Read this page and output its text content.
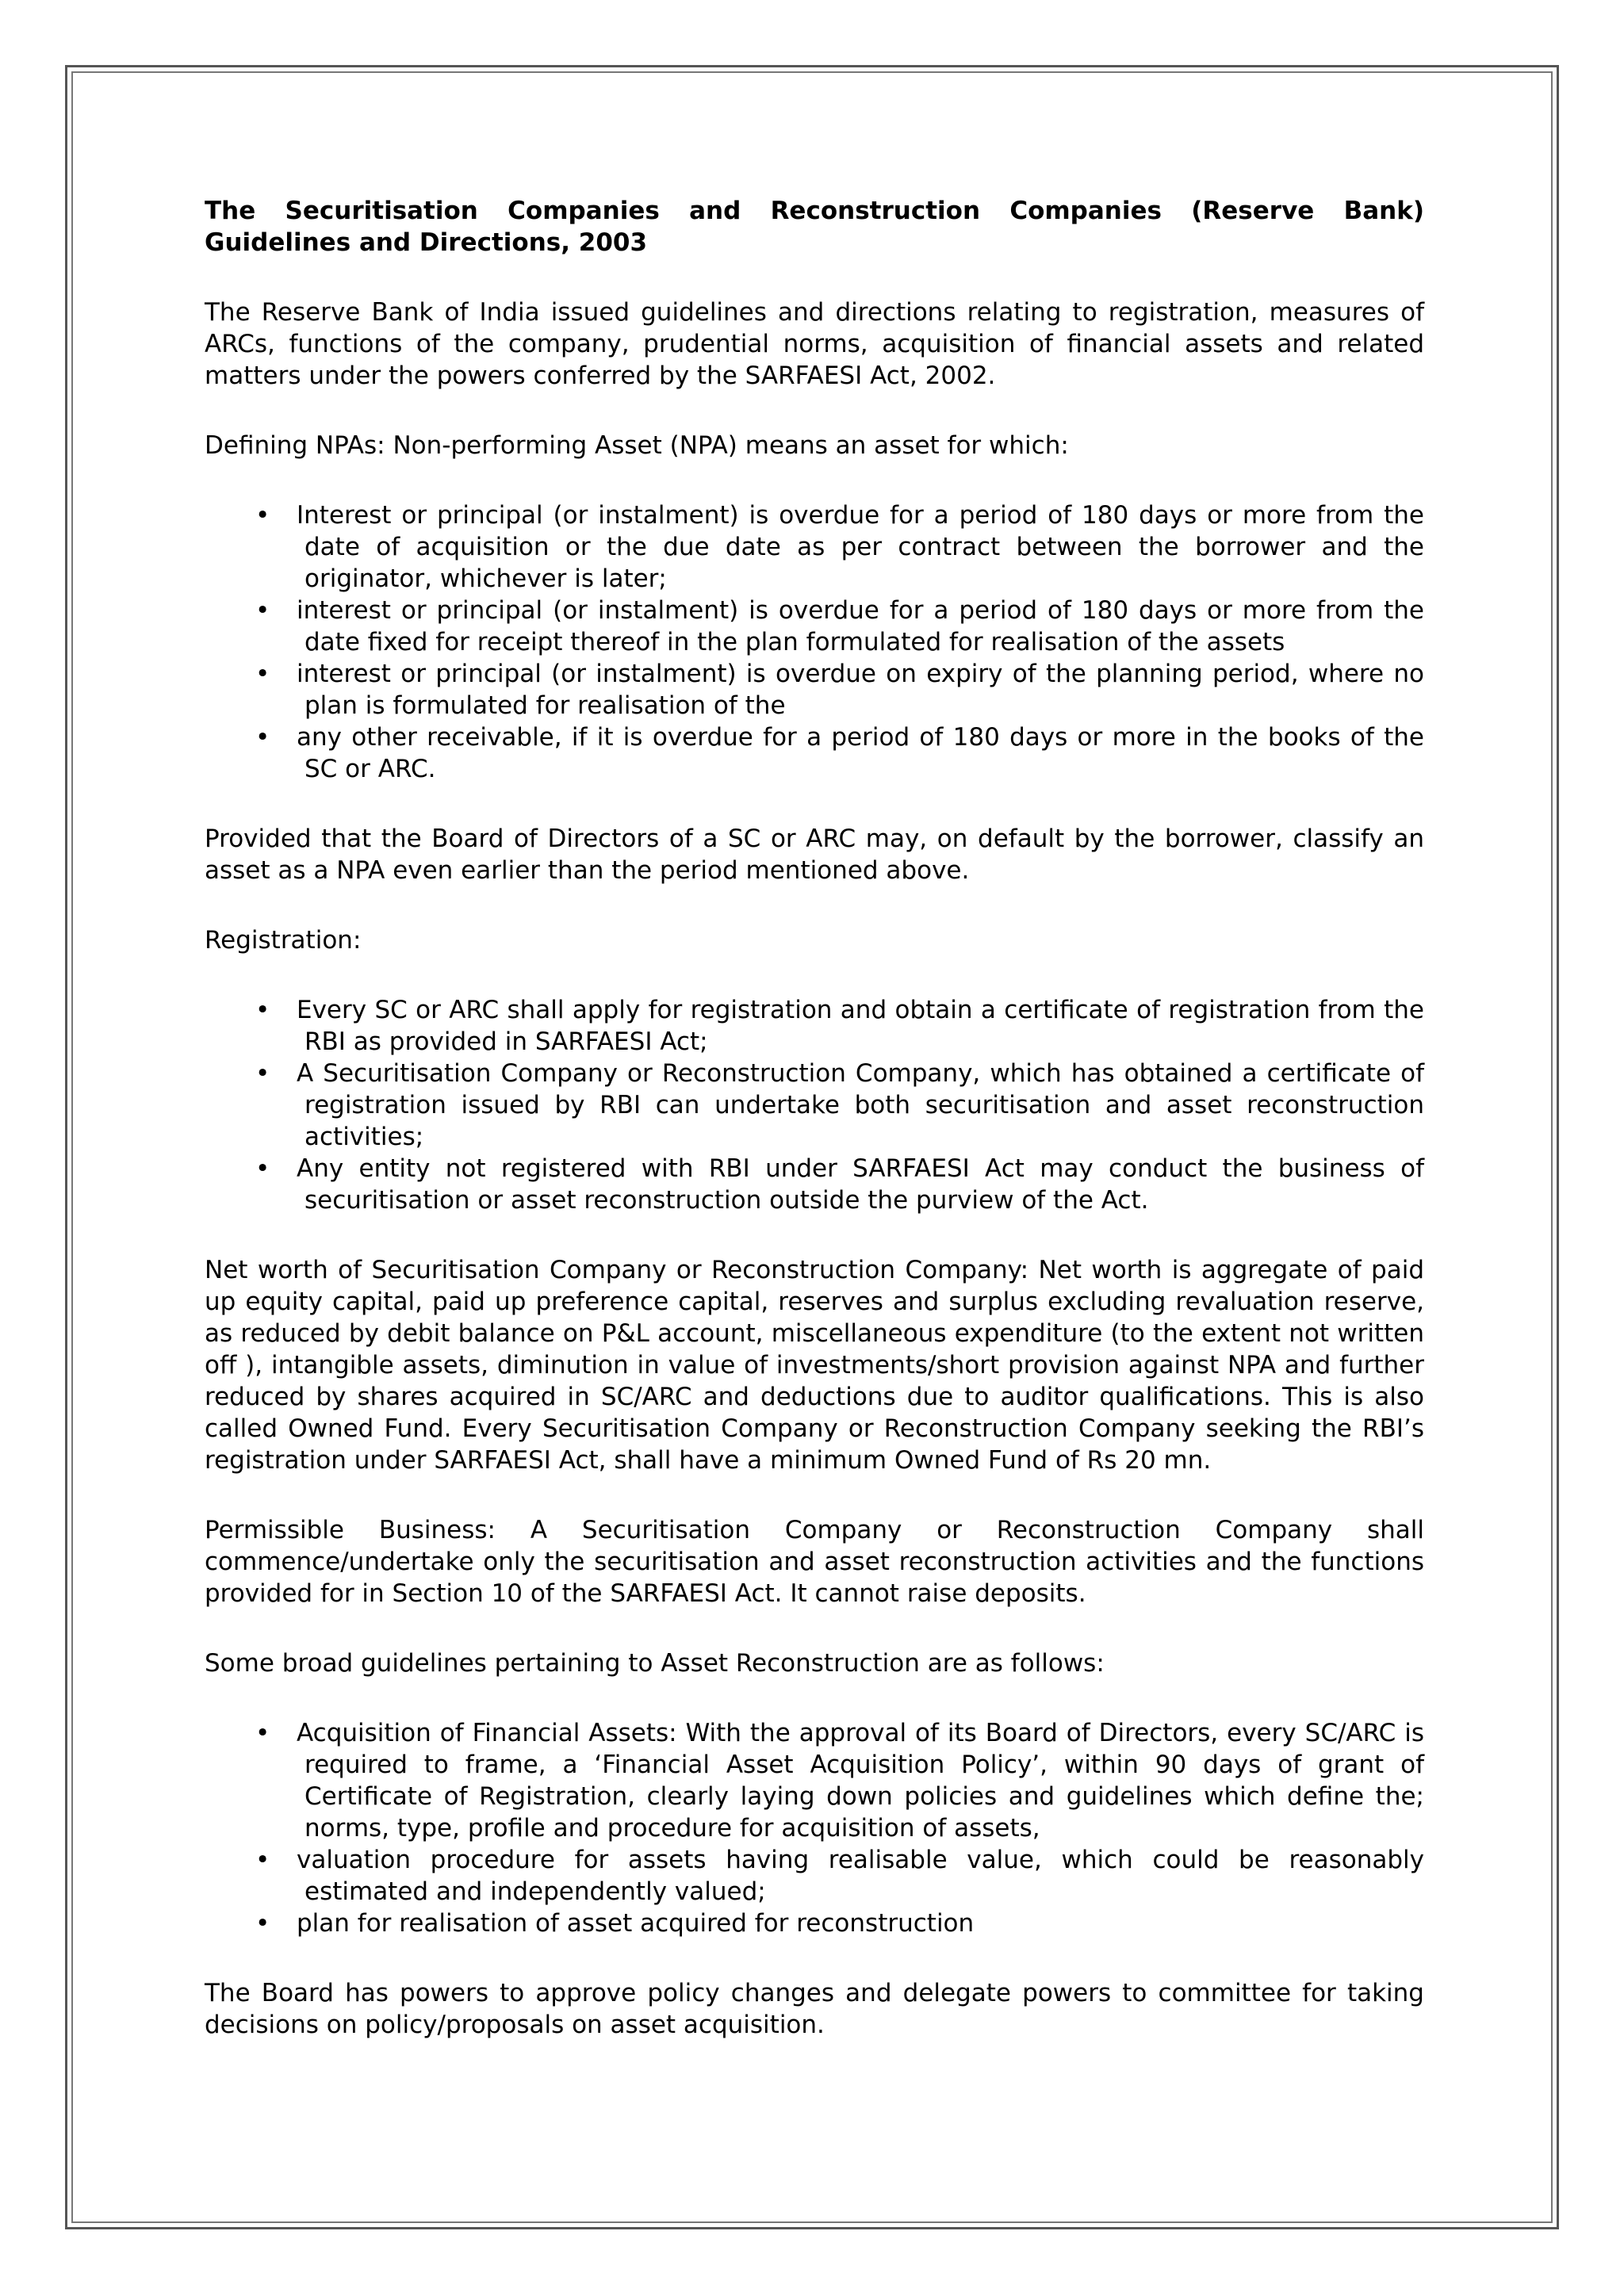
The Securitisation Companies and Reconstruction Companies (Reserve Bank) Guidelines and Directions, 2003

The Reserve Bank of India issued guidelines and directions relating to registration, measures of ARCs, functions of the company, prudential norms, acquisition of financial assets and related matters under the powers conferred by the SARFAESI Act, 2002.

Defining NPAs: Non-performing Asset (NPA) means an asset for which:

• Interest or principal (or instalment) is overdue for a period of 180 days or more from the date of acquisition or the due date as per contract between the borrower and the originator, whichever is later;
• interest or principal (or instalment) is overdue for a period of 180 days or more from the date fixed for receipt thereof in the plan formulated for realisation of the assets
• interest or principal (or instalment) is overdue on expiry of the planning period, where no plan is formulated for realisation of the
• any other receivable, if it is overdue for a period of 180 days or more in the books of the SC or ARC.

Provided that the Board of Directors of a SC or ARC may, on default by the borrower, classify an asset as a NPA even earlier than the period mentioned above.

Registration:

• Every SC or ARC shall apply for registration and obtain a certificate of registration from the RBI as provided in SARFAESI Act;
• A Securitisation Company or Reconstruction Company, which has obtained a certificate of registration issued by RBI can undertake both securitisation and asset reconstruction activities;
• Any entity not registered with RBI under SARFAESI Act may conduct the business of securitisation or asset reconstruction outside the purview of the Act.

Net worth of Securitisation Company or Reconstruction Company: Net worth is aggregate of paid up equity capital, paid up preference capital, reserves and surplus excluding revaluation reserve, as reduced by debit balance on P&L account, miscellaneous expenditure (to the extent not written off ), intangible assets, diminution in value of investments/short provision against NPA and further reduced by shares acquired in SC/ARC and deductions due to auditor qualifications. This is also called Owned Fund. Every Securitisation Company or Reconstruction Company seeking the RBI’s registration under SARFAESI Act, shall have a minimum Owned Fund of Rs 20 mn.

Permissible Business: A Securitisation Company or Reconstruction Company shall commence/undertake only the securitisation and asset reconstruction activities and the functions provided for in Section 10 of the SARFAESI Act. It cannot raise deposits.

Some broad guidelines pertaining to Asset Reconstruction are as follows:

• Acquisition of Financial Assets: With the approval of its Board of Directors, every SC/ARC is required to frame, a ‘Financial Asset Acquisition Policy’, within 90 days of grant of Certificate of Registration, clearly laying down policies and guidelines which define the; norms, type, profile and procedure for acquisition of assets,
• valuation procedure for assets having realisable value, which could be reasonably estimated and independently valued;
• plan for realisation of asset acquired for reconstruction

The Board has powers to approve policy changes and delegate powers to committee for taking decisions on policy/proposals on asset acquisition.
